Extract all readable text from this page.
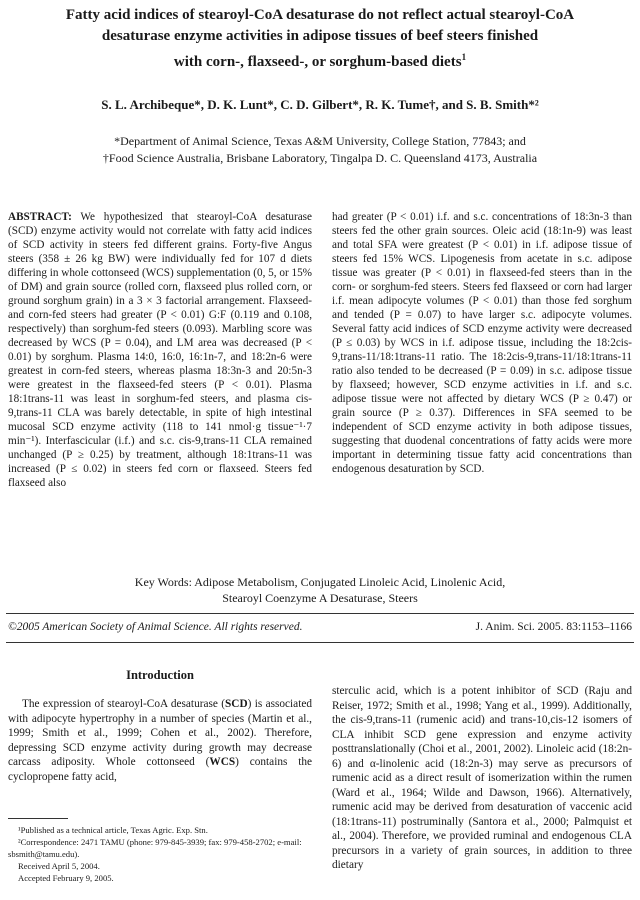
Fatty acid indices of stearoyl-CoA desaturase do not reflect actual stearoyl-CoA
desaturase enzyme activities in adipose tissues of beef steers finished
with corn-, flaxseed-, or sorghum-based diets$^1$
S. L. Archibeque*, D. K. Lunt*, C. D. Gilbert*, R. K. Tume†, and S. B. Smith*²
*Department of Animal Science, Texas A&M University, College Station, 77843; and
†Food Science Australia, Brisbane Laboratory, Tingalpa D. C. Queensland 4173, Australia

ABSTRACT: We hypothesized that stearoyl-CoA desaturase (SCD) enzyme activity would not correlate with fatty acid indices of SCD activity in steers fed different grains. Forty-five Angus steers (358 ± 26 kg BW) were individually fed for 107 d diets differing in whole cottonseed (WCS) supplementation (0, 5, or 15% of DM) and grain source (rolled corn, flaxseed plus rolled corn, or ground sorghum grain) in a 3 × 3 factorial arrangement. Flaxseed- and corn-fed steers had greater (P < 0.01) G:F (0.119 and 0.108, respectively) than sorghum-fed steers (0.093). Marbling score was decreased by WCS (P = 0.04), and LM area was decreased (P < 0.01) by sorghum. Plasma 14:0, 16:0, 16:1n-7, and 18:2n-6 were greatest in corn-fed steers, whereas plasma 18:3n-3 and 20:5n-3 were greatest in the flaxseed-fed steers (P < 0.01). Plasma 18:1trans-11 was least in sorghum-fed steers, and plasma cis-9,trans-11 CLA was barely detectable, in spite of high intestinal mucosal SCD enzyme activity (118 to 141 nmol·g tissue⁻¹·7 min⁻¹). Interfascicular (i.f.) and s.c. cis-9,trans-11 CLA remained unchanged (P ≥ 0.25) by treatment, although 18:1trans-11 was increased (P ≤ 0.02) in steers fed corn or flaxseed. Steers fed flaxseed also

had greater (P < 0.01) i.f. and s.c. concentrations of 18:3n-3 than steers fed the other grain sources. Oleic acid (18:1n-9) was least and total SFA were greatest (P < 0.01) in i.f. adipose tissue of steers fed 15% WCS. Lipogenesis from acetate in s.c. adipose tissue was greater (P < 0.01) in flaxseed-fed steers than in the corn- or sorghum-fed steers. Steers fed flaxseed or corn had larger i.f. mean adipocyte volumes (P < 0.01) than those fed sorghum and tended (P = 0.07) to have larger s.c. adipocyte volumes. Several fatty acid indices of SCD enzyme activity were decreased (P ≤ 0.03) by WCS in i.f. adipose tissue, including the 18:2cis-9,trans-11/18:1trans-11 ratio. The 18:2cis-9,trans-11/18:1trans-11 ratio also tended to be decreased (P = 0.09) in s.c. adipose tissue by flaxseed; however, SCD enzyme activities in i.f. and s.c. adipose tissue were not affected by dietary WCS (P ≥ 0.47) or grain source (P ≥ 0.37). Differences in SFA seemed to be independent of SCD enzyme activity in both adipose tissues, suggesting that duodenal concentrations of fatty acids were more important in determining tissue fatty acid concentrations than endogenous desaturation by SCD.

Key Words: Adipose Metabolism, Conjugated Linoleic Acid, Linolenic Acid,
Stearoyl Coenzyme A Desaturase, Steers
©2005 American Society of Animal Science. All rights reserved.	J. Anim. Sci. 2005. 83:1153–1166
Introduction

The expression of stearoyl-CoA desaturase (SCD) is associated with adipocyte hypertrophy in a number of species (Martin et al., 1999; Smith et al., 1999; Cohen et al., 2002). Therefore, depressing SCD enzyme activity during growth may decrease carcass adiposity. Whole cottonseed (WCS) contains the cyclopropene fatty acid,

sterculic acid, which is a potent inhibitor of SCD (Raju and Reiser, 1972; Smith et al., 1998; Yang et al., 1999). Additionally, the cis-9,trans-11 (rumenic acid) and trans-10,cis-12 isomers of CLA inhibit SCD gene expression and enzyme activity posttranslationally (Choi et al., 2001, 2002). Linoleic acid (18:2n-6) and α-linolenic acid (18:2n-3) may serve as precursors of rumenic acid as a direct result of isomerization within the rumen (Ward et al., 1964; Wilde and Dawson, 1966). Alternatively, rumenic acid may be derived from desaturation of vaccenic acid (18:1trans-11) postruminally (Santora et al., 2000; Palmquist et al., 2004). Therefore, we provided ruminal and endogenous CLA precursors in a variety of grain sources, in addition to three dietary

¹Published as a technical article, Texas Agric. Exp. Stn.
²Correspondence: 2471 TAMU (phone: 979-845-3939; fax: 979-458-2702; e-mail: sbsmith@tamu.edu).
Received April 5, 2004.
Accepted February 9, 2005.
